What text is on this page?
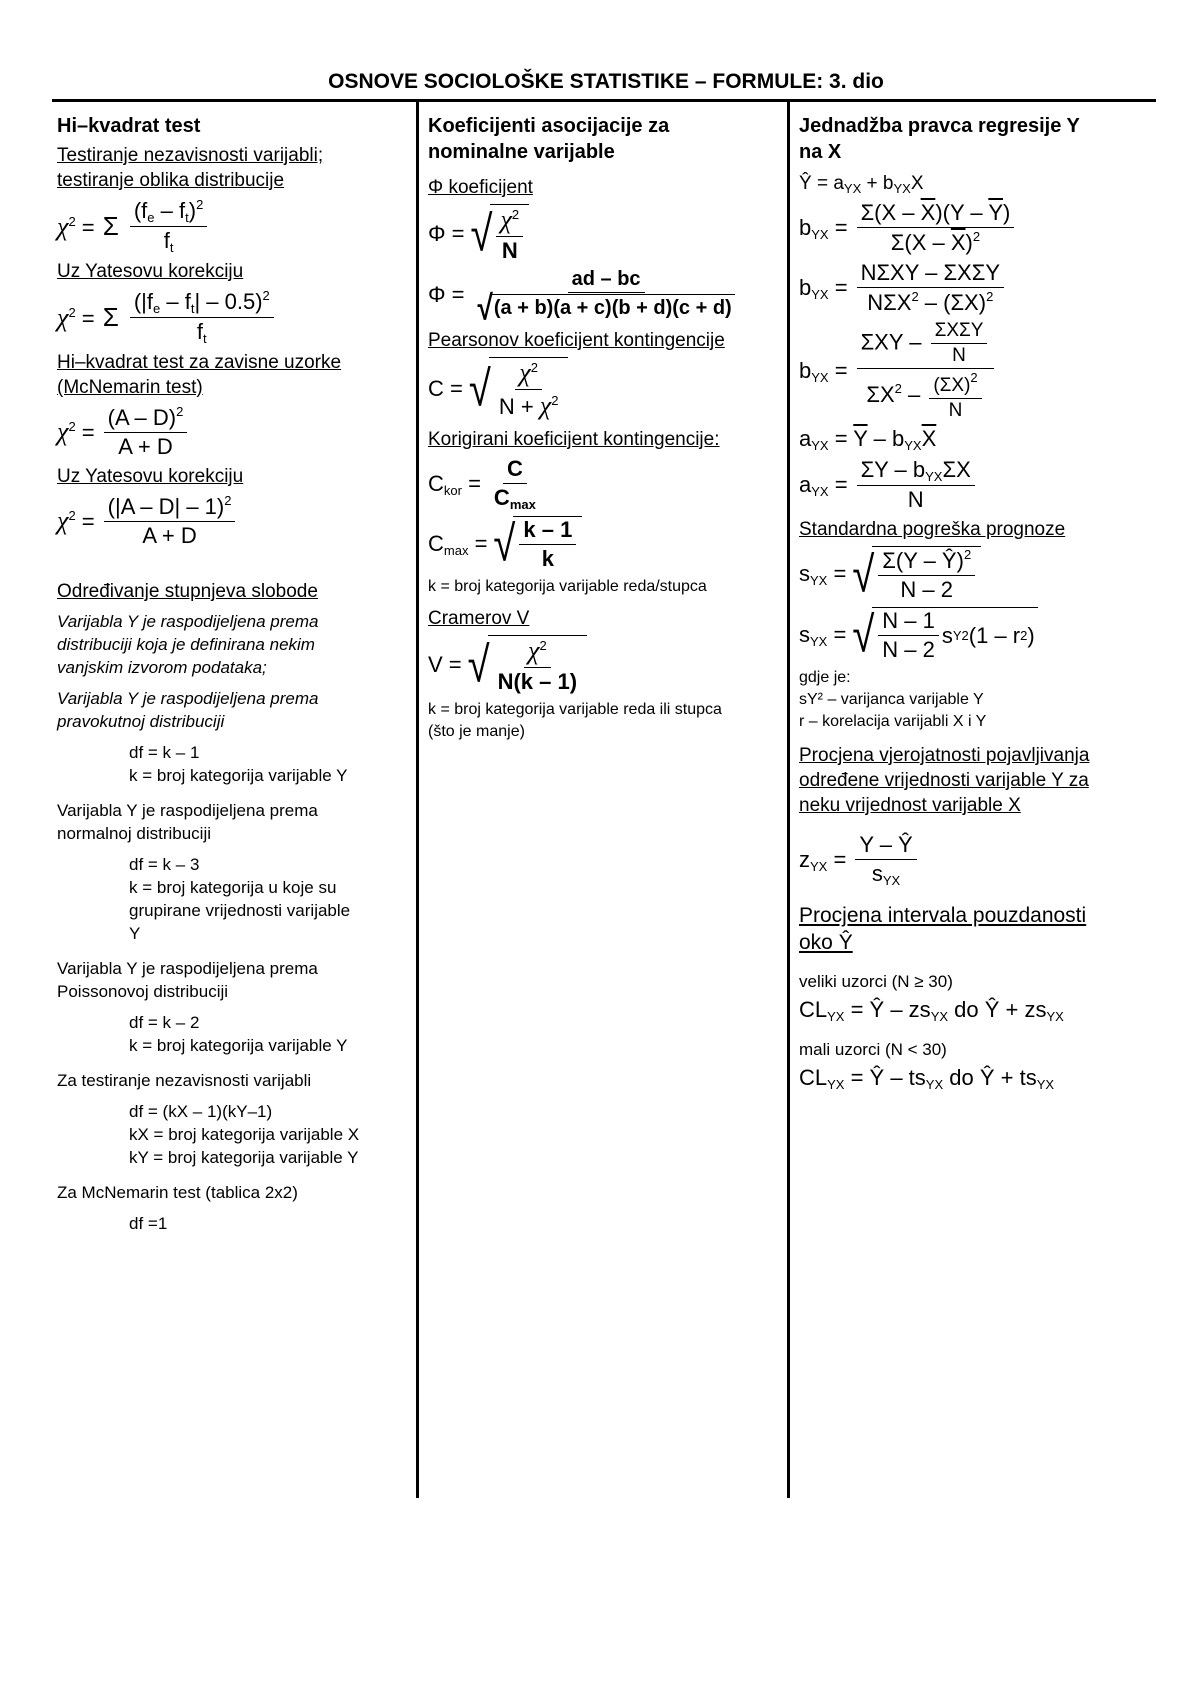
OSNOVE SOCIOLOŠKE STATISTIKE – FORMULE: 3. dio
Hi–kvadrat test
Testiranje nezavisnosti varijabli;
testiranje oblika distribucije
$\chi^2 = \Sigma \frac{(f_e - f_t)^2}{f_t}$
Uz Yatesovu korekciju
$\chi^2 = \Sigma \frac{(|f_e - f_t| - 0.5)^2}{f_t}$
Hi–kvadrat test za zavisne uzorke
(McNemarin test)
$\chi^2 = \frac{(A - D)^2}{A + D}$
Uz Yatesovu korekciju
$\chi^2 = \frac{(|A - D| - 1)^2}{A + D}$
Određivanje stupnjeva slobode
Varijabla Y je raspodijeljena prema
distribuciji koja je definirana nekim
vanjskim izvorom podataka;
Varijabla Y je raspodijeljena prema
pravokutnoj distribuciji
df = k – 1
k = broj kategorija varijable Y
Varijabla Y je raspodijeljena prema
normalnoj distribuciji
df = k – 3
k = broj kategorija u koje su
grupirane vrijednosti varijable
Y
Varijabla Y je raspodijeljena prema
Poissonovoj distribuciji
df = k – 2
k = broj kategorija varijable Y
Za testiranje nezavisnosti varijabli
df = (kX – 1)(kY–1)
kX = broj kategorija varijable X
kY = broj kategorija varijable Y
Za McNemarin test (tablica 2x2)
df =1
Koeficijenti asocijacije za
nominalne varijable
Φ koeficijent
Φ = √ $\frac{\chi^2}{N}$
$\Phi = \frac{ad - bc}{√ (a + b)(a + c)(b + d)(c + d)}$
Pearsonov koeficijent kontingencije
C = √ $\frac{\chi^2}{N + \chi^2}$
Korigirani koeficijent kontingencije:
$C_{kor} = \frac{C}{C_{max}}$
$C_{max}$ = √ $\frac{k - 1}{k}$
k = broj kategorija varijable reda/stupca
Cramerov V
V = √ $\frac{\chi^2}{N(k - 1)}$
k = broj kategorija varijable reda ili stupca
(što je manje)
Jednadžba pravca regresije Y
na X
Ŷ = $a_{YX} + b_{YX}X$
$b_{YX} = \frac{\Sigma(X - \overline{X})(Y - \overline{Y})}{\Sigma(X - \overline{X})^2}$
$b_{YX} = \frac{\text{NΣXY – ΣXΣY}}{N\Sigma X^2 - (\Sigma X)^2}$
$b_{YX} = \frac{\Sigma XY - \frac{\text{ΣXΣY}}{N}}{\Sigma X^2 - \frac{(\Sigma X)^2}{N}}$
$a_{YX} = \overline{Y} - b_{YX}\overline{X}$
$a_{YX} = \frac{\Sigma Y - b_{YX}\Sigma X}{N}$
Standardna pogreška prognoze
$s_{YX}$ = √ $\frac{\Sigma(Y - Ŷ)^2}{N - 2}$
$s_{YX}$ = √ $\frac{N - 1}{N - 2}$ s Y 2 (1 – r 2 )
gdje je:
sY² – varijanca varijable Y
r – korelacija varijabli X i Y
Procjena vjerojatnosti pojavljivanja
određene vrijednosti varijable Y za
neku vrijednost varijable X
$z_{YX} = \frac{Y - Ŷ}{s_{YX}}$
Procjena intervala pouzdanosti
oko Ŷ
veliki uzorci (N ≥ 30)
$CL_{YX}$ = Ŷ – $zs_{YX}$ do Ŷ + $zs_{YX}$
mali uzorci (N < 30)
$CL_{YX}$ = Ŷ – $ts_{YX}$ do Ŷ + $ts_{YX}$
